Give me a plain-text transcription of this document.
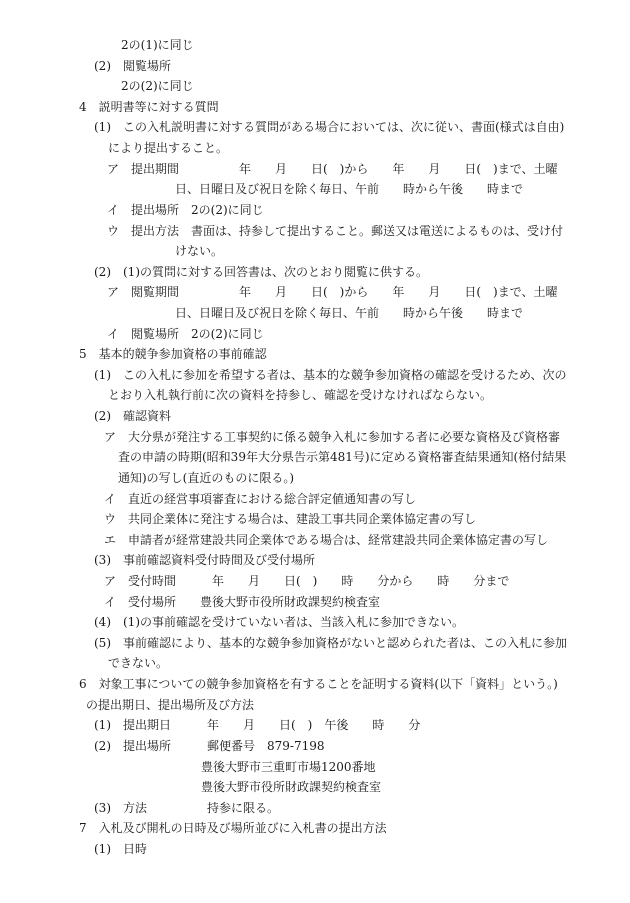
2の(1)に同じ
(2)　閲覧場所
2の(2)に同じ
4　説明書等に対する質問
(1)　この入札説明書に対する質問がある場合においては、次に従い、書面(様式は自由)
により提出すること。
ア　提出期間　　　　　年　　月　　日(　)から　　年　　月　　日(　)まで、土曜
日、日曜日及び祝日を除く毎日、午前　　時から午後　　時まで
イ　提出場所　2の(2)に同じ
ウ　提出方法　書面は、持参して提出すること。郵送又は電送によるものは、受け付
けない。
(2)　(1)の質問に対する回答書は、次のとおり閲覧に供する。
ア　閲覧期間　　　　　年　　月　　日(　)から　　年　　月　　日(　)まで、土曜
日、日曜日及び祝日を除く毎日、午前　　時から午後　　時まで
イ　閲覧場所　2の(2)に同じ
5　基本的競争参加資格の事前確認
(1)　この入札に参加を希望する者は、基本的な競争参加資格の確認を受けるため、次の
とおり入札執行前に次の資料を持参し、確認を受けなければならない。
(2)　確認資料
ア　大分県が発注する工事契約に係る競争入札に参加する者に必要な資格及び資格審
査の申請の時期(昭和39年大分県告示第481号)に定める資格審査結果通知(格付結果
通知)の写し(直近のものに限る。)
イ　直近の経営事項審査における総合評定値通知書の写し
ウ　共同企業体に発注する場合は、建設工事共同企業体協定書の写し
エ　申請者が経常建設共同企業体である場合は、経常建設共同企業体協定書の写し
(3)　事前確認資料受付時間及び受付場所
ア　受付時間　　　年　　月　　日(　)　　時　　分から　　時　　分まで
イ　受付場所　　豊後大野市役所財政課契約検査室
(4)　(1)の事前確認を受けていない者は、当該入札に参加できない。
(5)　事前確認により、基本的な競争参加資格がないと認められた者は、この入札に参加
できない。
6　対象工事についての競争参加資格を有することを証明する資料(以下「資料」という。)
の提出期日、提出場所及び方法
(1)　提出期日　　　年　　月　　日(　)　午後　　時　　分
(2)　提出場所　　　郵便番号　879-7198
豊後大野市三重町市場1200番地
豊後大野市役所財政課契約検査室
(3)　方法　　　　　持参に限る。
7　入札及び開札の日時及び場所並びに入札書の提出方法
(1)　日時
